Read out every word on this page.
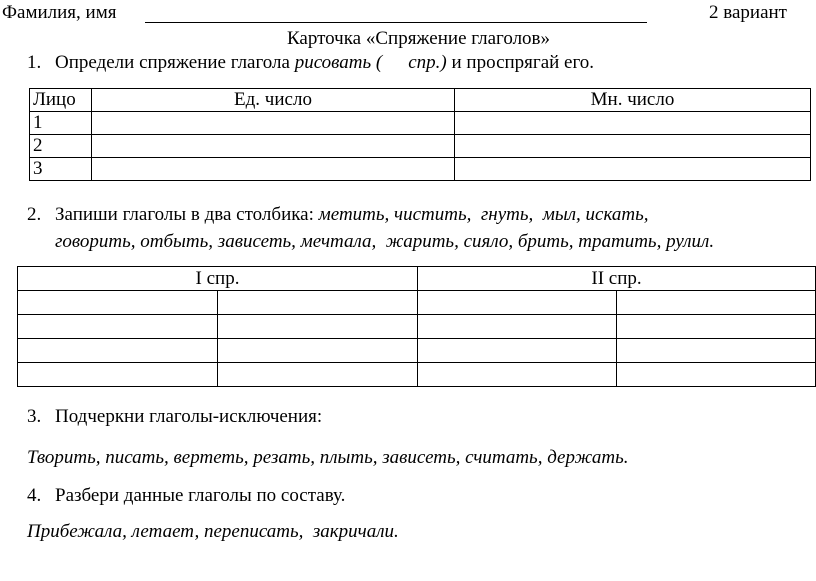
Фамилия, имя	2 вариант
Карточка «Спряжение глаголов»
1. Определи спряжение глагола рисовать ( спр.) и проспрягай его.
Лицо	Ед. число	Мн. число
1		
2		
3		
2. Запиши глаголы в два столбика: метить, чистить,  гнуть,  мыл, искать,
говорить, отбыть, зависеть, мечтала,  жарить, сияло, брить, тратить, рулил.
I спр.		II спр.	

3. Подчеркни глаголы-исключения:
Творить, писать, вертеть, резать, плыть, зависеть, считать, держать.
4. Разбери данные глаголы по составу.
Прибежала, летает, переписать,  закричали.
